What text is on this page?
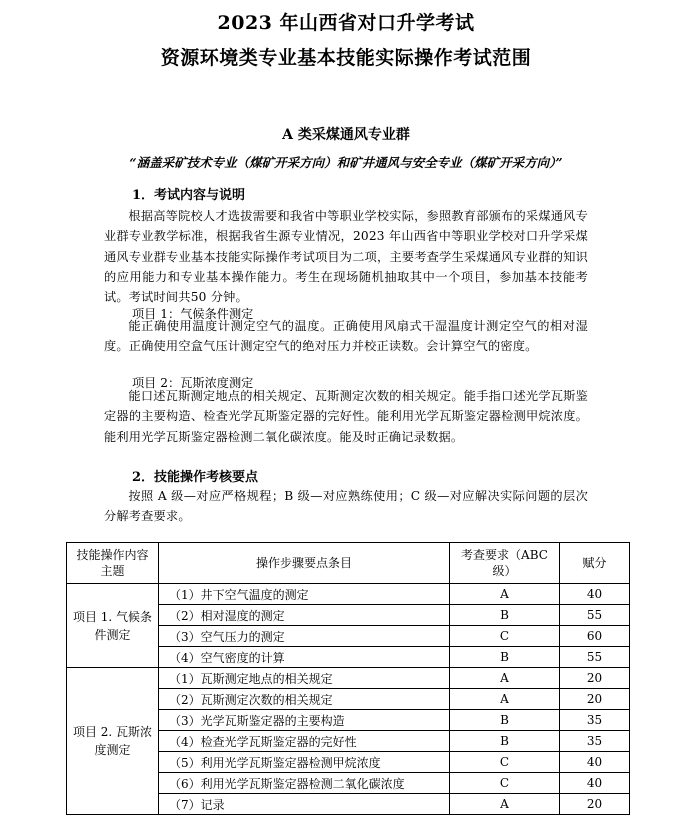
2023 年山西省对口升学考试
资源环境类专业基本技能实际操作考试范围
A 类采煤通风专业群
“涵盖采矿技术专业（煤矿开采方向）和矿井通风与安全专业（煤矿开采方向）”
1．考试内容与说明
根据高等院校人才选拔需要和我省中等职业学校实际，参照教育部颁布的采煤通风专业群专业教学标准，根据我省生源专业情况，2023 年山西省中等职业学校对口升学采煤通风专业群专业基本技能实际操作考试项目为二项，主要考查学生采煤通风专业群的知识的应用能力和专业基本操作能力。考生在现场随机抽取其中一个项目，参加基本技能考试。考试时间共50 分钟。
项目 1：气候条件测定
能正确使用温度计测定空气的温度。正确使用风扇式干湿温度计测定空气的相对湿度。正确使用空盒气压计测定空气的绝对压力并校正读数。会计算空气的密度。
项目 2：瓦斯浓度测定
能口述瓦斯测定地点的相关规定、瓦斯测定次数的相关规定。能手指口述光学瓦斯鉴定器的主要构造、检查光学瓦斯鉴定器的完好性。能利用光学瓦斯鉴定器检测甲烷浓度。能利用光学瓦斯鉴定器检测二氧化碳浓度。能及时正确记录数据。
2．技能操作考核要点
按照 A 级—对应严格规程；B 级—对应熟练使用；C 级—对应解决实际问题的层次分解考查要求。
技能操作内容主题	操作步骤要点条目	考查要求（ABC 级）	赋分
项目 1. 气候条件测定	（1）井下空气温度的测定	A	40
	（2）相对湿度的测定	B	55
	（3）空气压力的测定	C	60
	（4）空气密度的计算	B	55
项目 2. 瓦斯浓度测定	（1）瓦斯测定地点的相关规定	A	20
	（2）瓦斯测定次数的相关规定	A	20
	（3）光学瓦斯鉴定器的主要构造	B	35
	（4）检查光学瓦斯鉴定器的完好性	B	35
	（5）利用光学瓦斯鉴定器检测甲烷浓度	C	40
	（6）利用光学瓦斯鉴定器检测二氧化碳浓度	C	40
	（7）记录	A	20
